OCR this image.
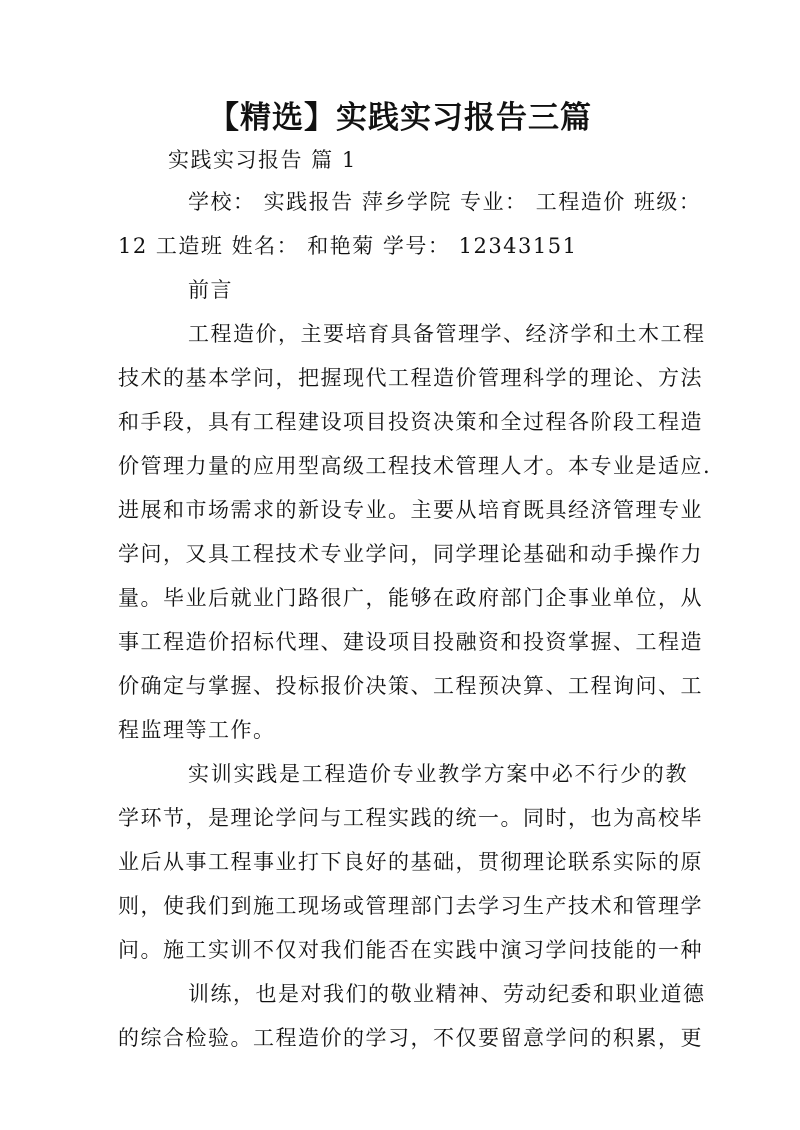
【精选】实践实习报告三篇
实践实习报告 篇 1
学校： 实践报告 萍乡学院 专业： 工程造价 班级：
12 工造班 姓名： 和艳菊 学号： 12343151
前言
工程造价，主要培育具备管理学、经济学和土木工程
技术的基本学问，把握现代工程造价管理科学的理论、方法
和手段，具有工程建设项目投资决策和全过程各阶段工程造
价管理力量的应用型高级工程技术管理人才。本专业是适应.
进展和市场需求的新设专业。主要从培育既具经济管理专业
学问，又具工程技术专业学问，同学理论基础和动手操作力
量。毕业后就业门路很广，能够在政府部门企事业单位，从
事工程造价招标代理、建设项目投融资和投资掌握、工程造
价确定与掌握、投标报价决策、工程预决算、工程询问、工
程监理等工作。
实训实践是工程造价专业教学方案中必不行少的教
学环节，是理论学问与工程实践的统一。同时，也为高校毕
业后从事工程事业打下良好的基础，贯彻理论联系实际的原
则，使我们到施工现场或管理部门去学习生产技术和管理学
问。施工实训不仅对我们能否在实践中演习学问技能的一种
训练，也是对我们的敬业精神、劳动纪委和职业道德
的综合检验。工程造价的学习，不仅要留意学问的积累，更
